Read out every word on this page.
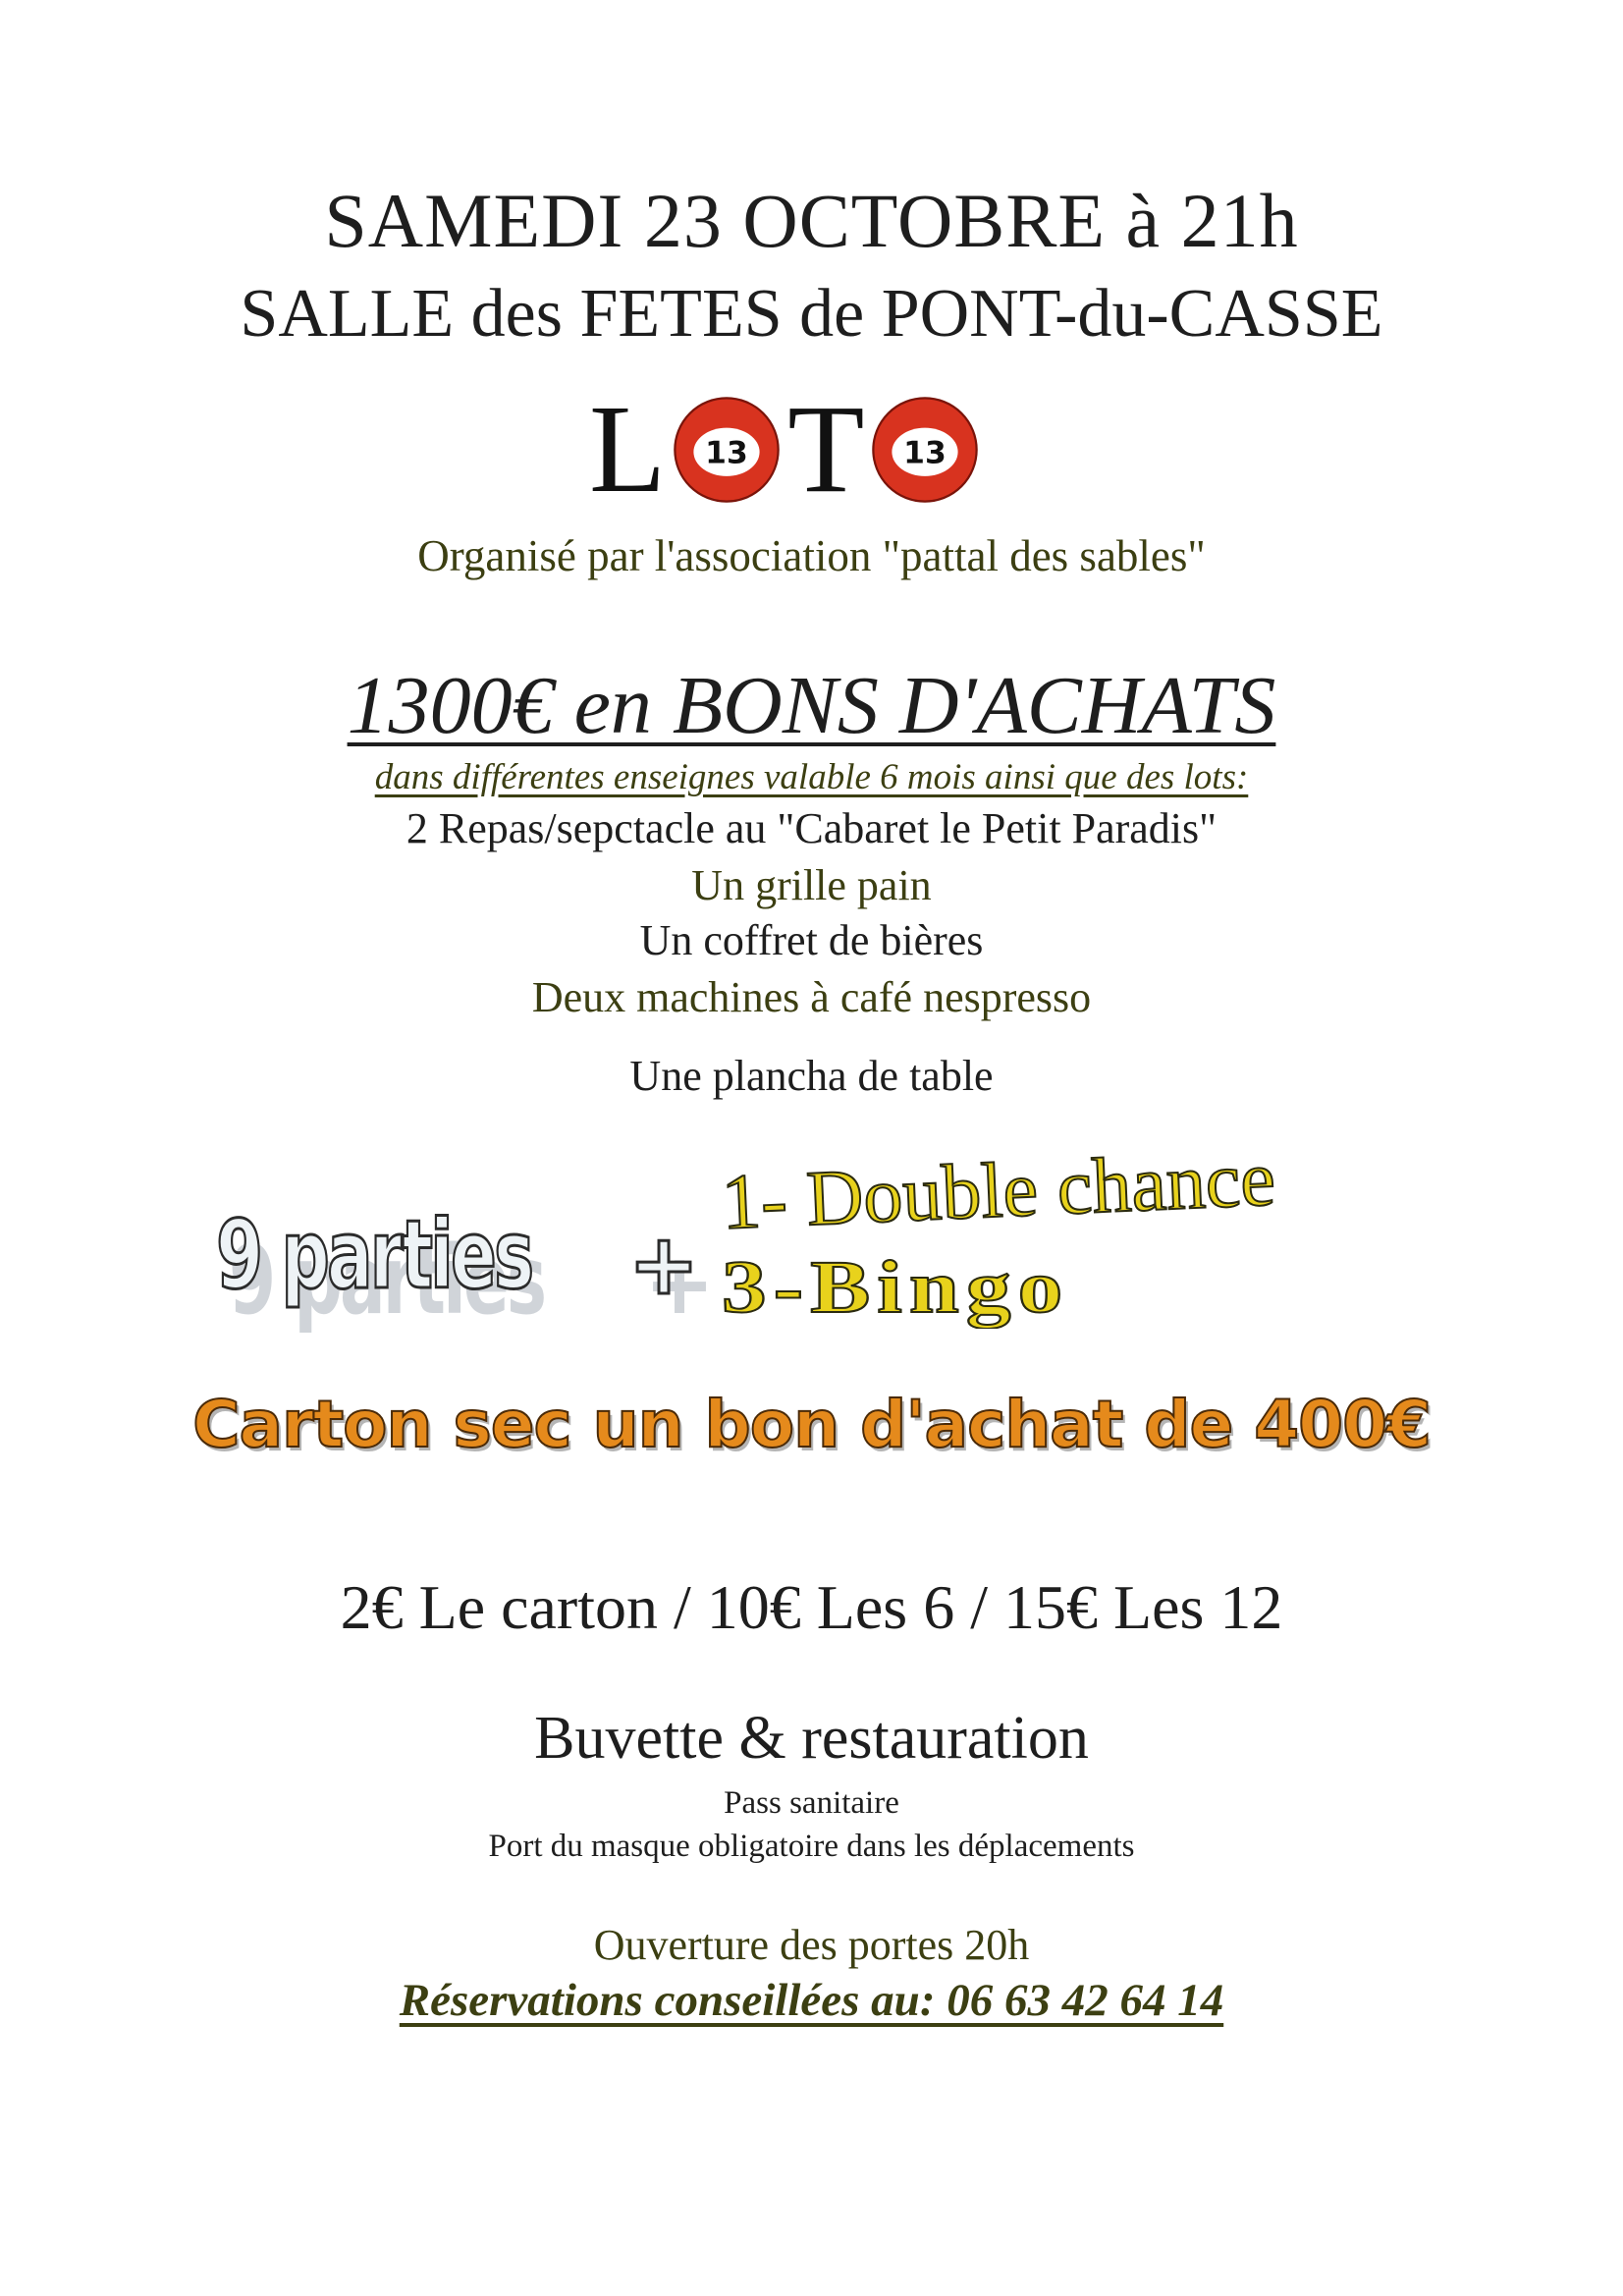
SAMEDI 23 OCTOBRE à 21h
SALLE des FETES de PONT-du-CASSE
L 13 T 13
Organisé par l'association "pattal des sables"
1300€ en BONS D'ACHATS
dans différentes enseignes valable 6 mois ainsi que des lots:
2 Repas/sepctacle au "Cabaret le Petit Paradis"
Un grille pain
Un coffret de bières
Deux machines à café nespresso
Une plancha de table
9 parties +
1- Double chance
3-Bingo
Carton sec un bon d'achat de 400€
2€ Le carton / 10€ Les 6 / 15€ Les 12
Buvette & restauration
Pass sanitaire
Port du masque obligatoire dans les déplacements
Ouverture des portes 20h
Réservations conseillées au: 06 63 42 64 14
